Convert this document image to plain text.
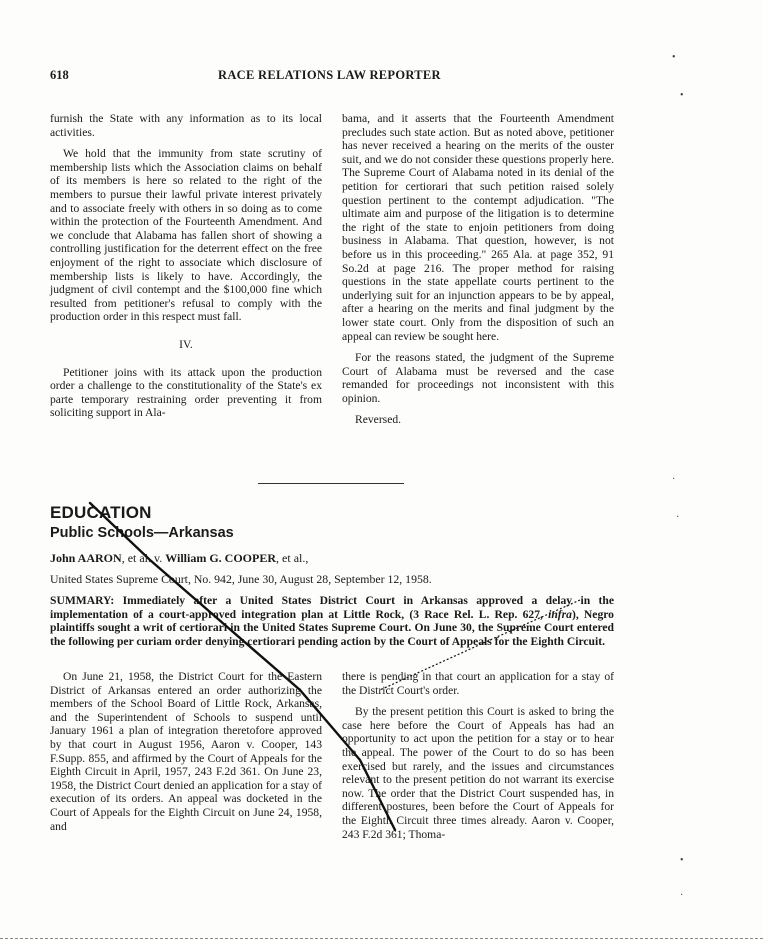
618	RACE RELATIONS LAW REPORTER

furnish the State with any information as to its local activities.

We hold that the immunity from state scrutiny of membership lists which the Association claims on behalf of its members is here so related to the right of the members to pursue their lawful private interest privately and to associate freely with others in so doing as to come within the protection of the Fourteenth Amendment. And we conclude that Alabama has fallen short of showing a controlling justification for the deterrent effect on the free enjoyment of the right to associate which disclosure of membership lists is likely to have. Accordingly, the judgment of civil contempt and the $100,000 fine which resulted from petitioner's refusal to comply with the production order in this respect must fall.

IV.

Petitioner joins with its attack upon the production order a challenge to the constitutionality of the State's ex parte temporary restraining order preventing it from soliciting support in Ala-

bama, and it asserts that the Fourteenth Amendment precludes such state action. But as noted above, petitioner has never received a hearing on the merits of the ouster suit, and we do not consider these questions properly here. The Supreme Court of Alabama noted in its denial of the petition for certiorari that such petition raised solely question pertinent to the contempt adjudication. "The ultimate aim and purpose of the litigation is to determine the right of the state to enjoin petitioners from doing business in Alabama. That question, however, is not before us in this proceeding." 265 Ala. at page 352, 91 So.2d at page 216. The proper method for raising questions in the state appellate courts pertinent to the underlying suit for an injunction appears to be by appeal, after a hearing on the merits and final judgment by the lower state court. Only from the disposition of such an appeal can review be sought here.

For the reasons stated, the judgment of the Supreme Court of Alabama must be reversed and the case remanded for proceedings not inconsistent with this opinion.

Reversed.

EDUCATION
Public Schools—Arkansas
John AARON, et al. v. William G. COOPER, et al.,
United States Supreme Court, No. 942, June 30, August 28, September 12, 1958.
SUMMARY: Immediately after a United States District Court in Arkansas approved a delay in the implementation of a court-approved integration plan at Little Rock, (3 Race Rel. L. Rep. 627, infra), Negro plaintiffs sought a writ of certiorari in the United States Supreme Court. On June 30, the Supreme Court entered the following per curiam order denying certiorari pending action by the Court of Appeals for the Eighth Circuit.

On June 21, 1958, the District Court for the Eastern District of Arkansas entered an order authorizing the members of the School Board of Little Rock, Arkansas, and the Superintendent of Schools to suspend until January 1961 a plan of integration theretofore approved by that court in August 1956, Aaron v. Cooper, 143 F.Supp. 855, and affirmed by the Court of Appeals for the Eighth Circuit in April, 1957, 243 F.2d 361. On June 23, 1958, the District Court denied an application for a stay of execution of its orders. An appeal was docketed in the Court of Appeals for the Eighth Circuit on June 24, 1958, and

there is pending in that court an application for a stay of the District Court's order.

By the present petition this Court is asked to bring the case here before the Court of Appeals has had an opportunity to act upon the petition for a stay or to hear the appeal. The power of the Court to do so has been exercised but rarely, and the issues and circumstances relevant to the present petition do not warrant its exercise now. The order that the District Court suspended has, in different postures, been before the Court of Appeals for the Eighth Circuit three times already. Aaron v. Cooper, 243 F.2d 361; Thoma-

•
•
·
·
•
·
